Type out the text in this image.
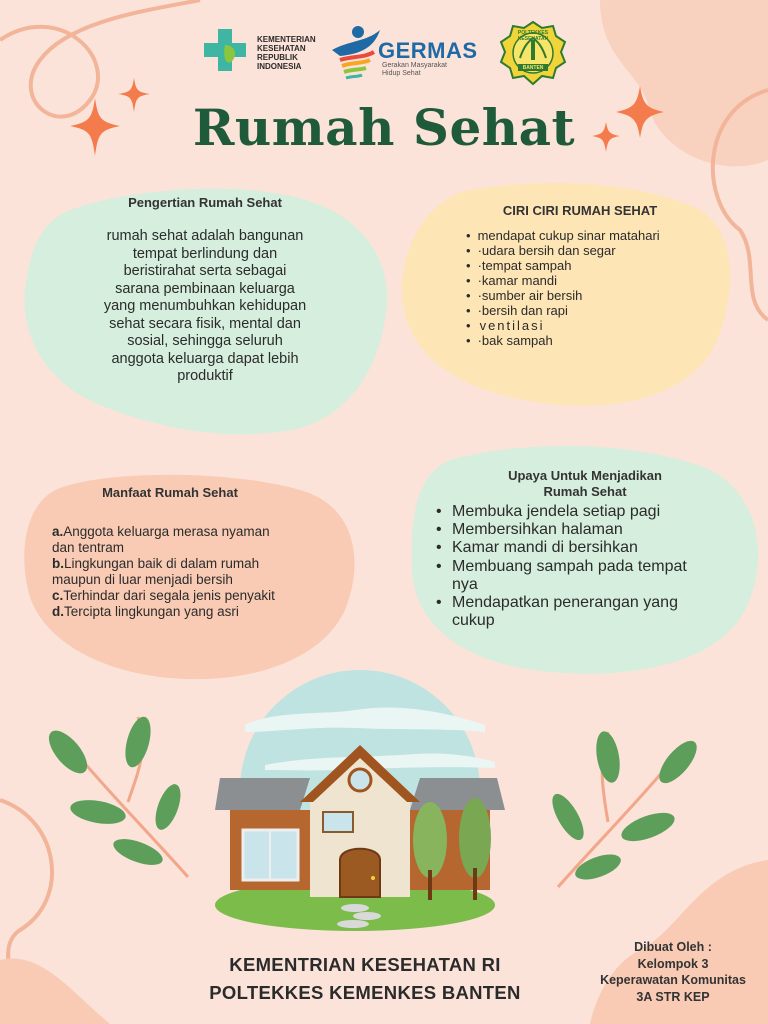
KEMENTERIAN
KESEHATAN
REPUBLIK
INDONESIA
GERMAS
Gerakan Masyarakat
Hidup Sehat
POLTEKKES KESEHATAN
BANTEN
Rumah Sehat
Pengertian Rumah Sehat
rumah sehat adalah bangunan
tempat berlindung dan
beristirahat serta sebagai
sarana pembinaan keluarga
yang menumbuhkan kehidupan
sehat secara fisik, mental dan
sosial, sehingga seluruh
anggota keluarga dapat lebih
produktif
CIRI CIRI RUMAH SEHAT
• mendapat cukup sinar matahari
• ·udara bersih dan segar
• ·tempat sampah
• ·kamar mandi
• ·sumber air bersih
• ·bersih dan rapi
• ventilasi
• ·bak sampah
Manfaat Rumah Sehat
a.Anggota keluarga merasa nyaman
dan tentram
b.Lingkungan baik di dalam rumah
maupun di luar menjadi bersih
c.Terhindar dari segala jenis penyakit
d.Tercipta lingkungan yang asri
Upaya Untuk Menjadikan
Rumah Sehat
• Membuka jendela setiap pagi
• Membersihkan halaman
• Kamar mandi di bersihkan
• Membuang sampah pada tempat
nya
• Mendapatkan penerangan yang
cukup
KEMENTRIAN KESEHATAN RI
POLTEKKES KEMENKES BANTEN
Dibuat Oleh :
Kelompok 3
Keperawatan Komunitas
3A STR KEP
